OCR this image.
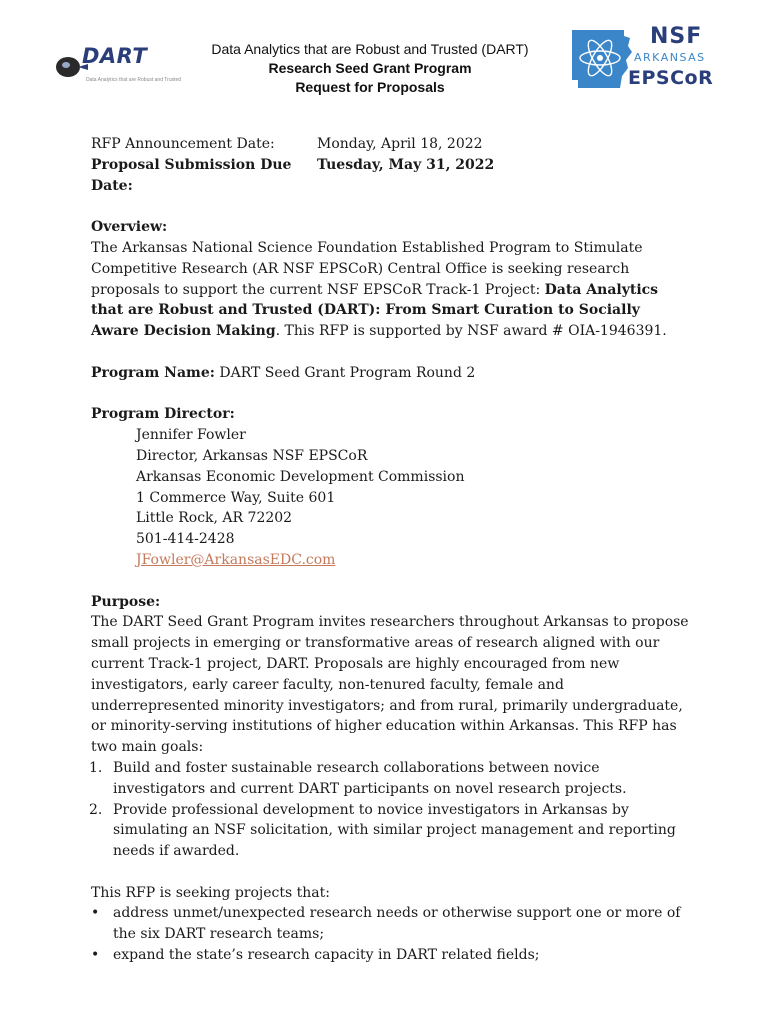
DART
Data Analytics that are Robust and Trusted
Data Analytics that are Robust and Trusted (DART)
Research Seed Grant Program
Request for Proposals
NSF
ARKANSAS
EPSCoR
RFP Announcement Date:	Monday, April 18, 2022
Proposal Submission Due Date:
Tuesday, May 31, 2022
Overview:

The Arkansas National Science Foundation Established Program to Stimulate Competitive Research (AR NSF EPSCoR) Central Office is seeking research proposals to support the current NSF EPSCoR Track-1 Project: Data Analytics that are Robust and Trusted (DART): From Smart Curation to Socially Aware Decision Making. This RFP is supported by NSF award # OIA-1946391.

Program Name: DART Seed Grant Program Round 2
Program Director:
Jennifer Fowler
Director, Arkansas NSF EPSCoR
Arkansas Economic Development Commission
1 Commerce Way, Suite 601
Little Rock, AR 72202
501-414-2428
JFowler@ArkansasEDC.com
Purpose:

The DART Seed Grant Program invites researchers throughout Arkansas to propose small projects in emerging or transformative areas of research aligned with our current Track-1 project, DART. Proposals are highly encouraged from new investigators, early career faculty, non-tenured faculty, female and underrepresented minority investigators; and from rural, primarily undergraduate, or minority-serving institutions of higher education within Arkansas. This RFP has two main goals:

1. Build and foster sustainable research collaborations between novice investigators and current DART participants on novel research projects.
2. Provide professional development to novice investigators in Arkansas by simulating an NSF solicitation, with similar project management and reporting needs if awarded.
This RFP is seeking projects that:
• address unmet/unexpected research needs or otherwise support one or more of the six DART research teams;
• expand the state’s research capacity in DART related fields;
